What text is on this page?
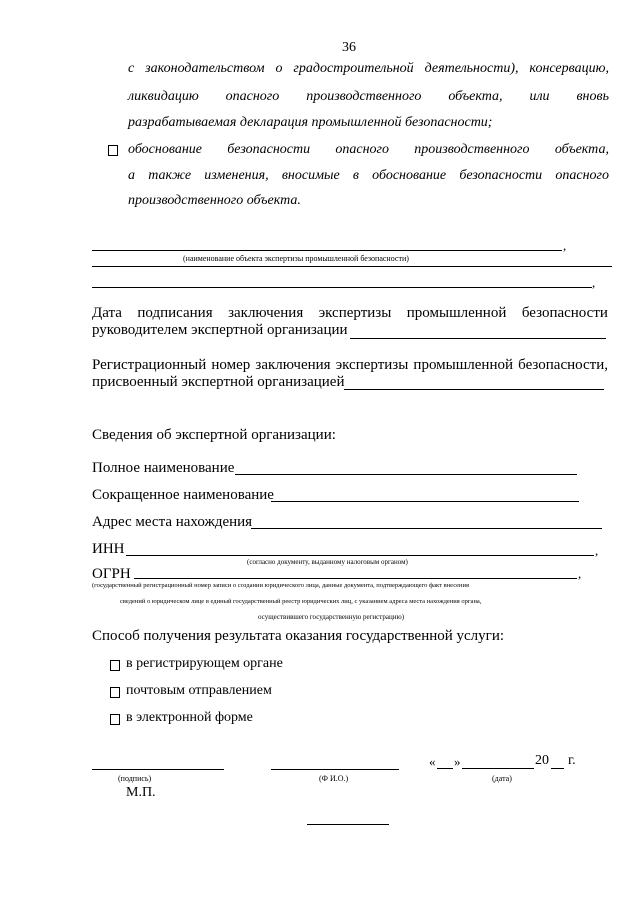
36
с законодательством о градостроительной деятельности), консервацию,
ликвидацию опасного производственного объекта, или вновь
разрабатываемая декларация промышленной безопасности;
обоснование безопасности опасного производственного объекта,
а также изменения, вносимые в обоснование безопасности опасного
производственного объекта.
,
(наименование объекта экспертизы промышленной безопасности)
,
Дата подписания заключения экспертизы промышленной безопасности
руководителем экспертной организации
Регистрационный номер заключения экспертизы промышленной безопасности,
присвоенный экспертной организацией
Сведения об экспертной организации:
Полное наименование
Сокращенное наименование
Адрес места нахождения
ИНН	,
(согласно документу, выданному налоговым органом)
ОГРН	,
(государственный регистрационный номер записи о создании юридического лица, данные документа, подтверждающего факт внесения
сведений о юридическом лице в единый государственный реестр юридических лиц, с указанием адреса места нахождения органа,
осуществившего государственную регистрацию)
Способ получения результата оказания государственной услуги:
в регистрирующем органе
почтовым отправлением
в электронной форме
(подпись)	(Ф И.О.)
« »	20 г.
(дата)
М.П.
